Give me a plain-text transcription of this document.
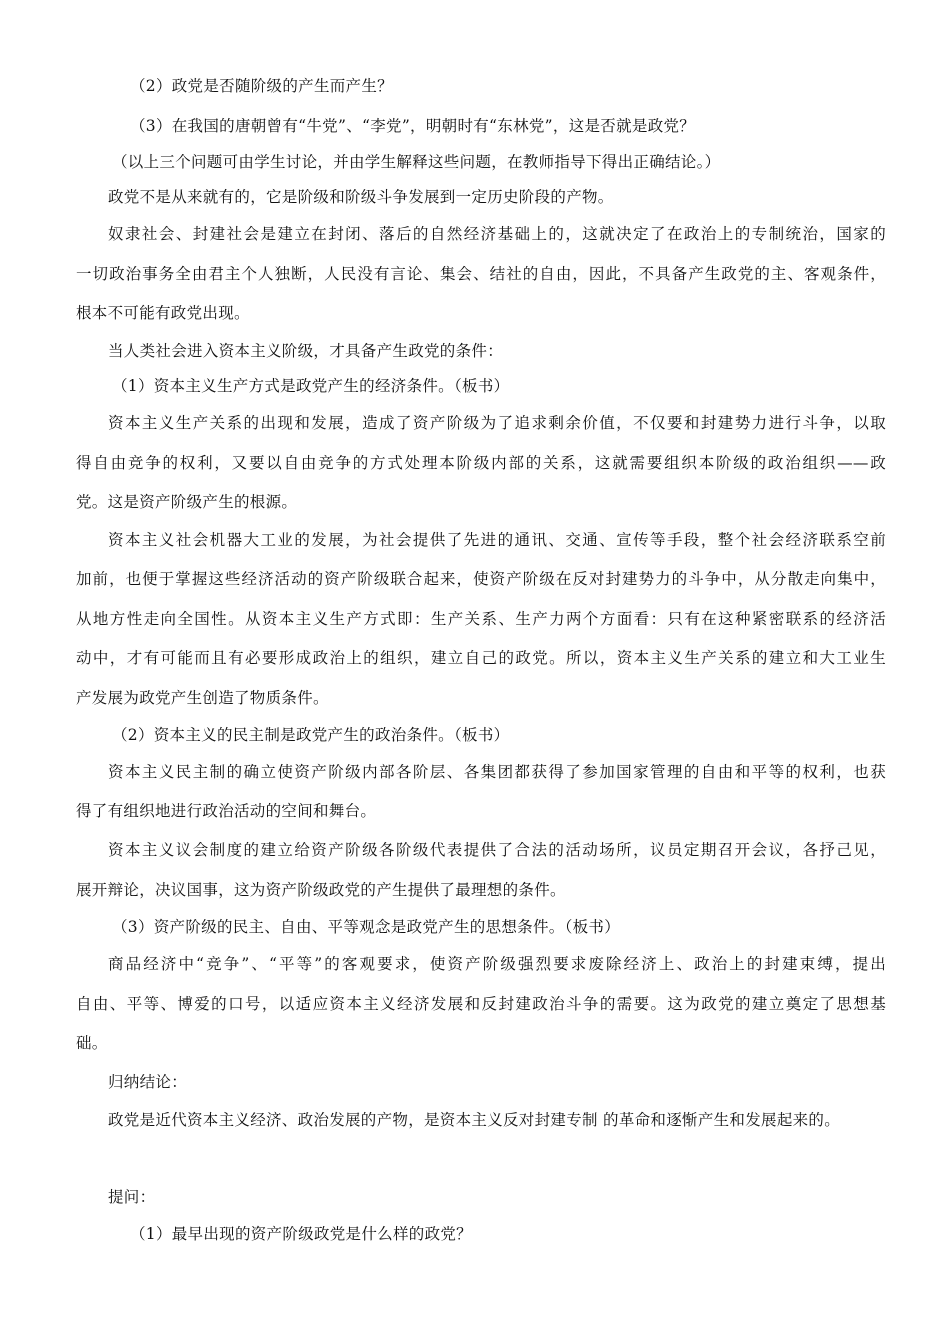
（2）政党是否随阶级的产生而产生？
（3）在我国的唐朝曾有“牛党”、“李党”，明朝时有“东林党”，这是否就是政党？
（以上三个问题可由学生讨论，并由学生解释这些问题，在教师指导下得出正确结论。）
政党不是从来就有的，它是阶级和阶级斗争发展到一定历史阶段的产物。
奴隶社会、封建社会是建立在封闭、落后的自然经济基础上的，这就决定了在政治上的专制统治，国家的
一切政治事务全由君主个人独断，人民没有言论、集会、结社的自由，因此，不具备产生政党的主、客观条件，
根本不可能有政党出现。
当人类社会进入资本主义阶级，才具备产生政党的条件：
（1）资本主义生产方式是政党产生的经济条件。（板书）
资本主义生产关系的出现和发展，造成了资产阶级为了追求剩余价值，不仅要和封建势力进行斗争，以取
得自由竞争的权利，又要以自由竞争的方式处理本阶级内部的关系，这就需要组织本阶级的政治组织——政
党。这是资产阶级产生的根源。
资本主义社会机器大工业的发展，为社会提供了先进的通讯、交通、宣传等手段，整个社会经济联系空前
加前，也便于掌握这些经济活动的资产阶级联合起来，使资产阶级在反对封建势力的斗争中，从分散走向集中，
从地方性走向全国性。从资本主义生产方式即：生产关系、生产力两个方面看：只有在这种紧密联系的经济活
动中，才有可能而且有必要形成政治上的组织，建立自己的政党。所以，资本主义生产关系的建立和大工业生
产发展为政党产生创造了物质条件。
（2）资本主义的民主制是政党产生的政治条件。（板书）
资本主义民主制的确立使资产阶级内部各阶层、各集团都获得了参加国家管理的自由和平等的权利，也获
得了有组织地进行政治活动的空间和舞台。
资本主义议会制度的建立给资产阶级各阶级代表提供了合法的活动场所，议员定期召开会议，各抒己见，
展开辩论，决议国事，这为资产阶级政党的产生提供了最理想的条件。
（3）资产阶级的民主、自由、平等观念是政党产生的思想条件。（板书）
商品经济中“竞争”、“平等”的客观要求，使资产阶级强烈要求废除经济上、政治上的封建束缚，提出
自由、平等、博爱的口号，以适应资本主义经济发展和反封建政治斗争的需要。这为政党的建立奠定了思想基
础。
归纳结论：
政党是近代资本主义经济、政治发展的产物，是资本主义反对封建专制 的革命和逐惭产生和发展起来的。
提问：
（1）最早出现的资产阶级政党是什么样的政党？
